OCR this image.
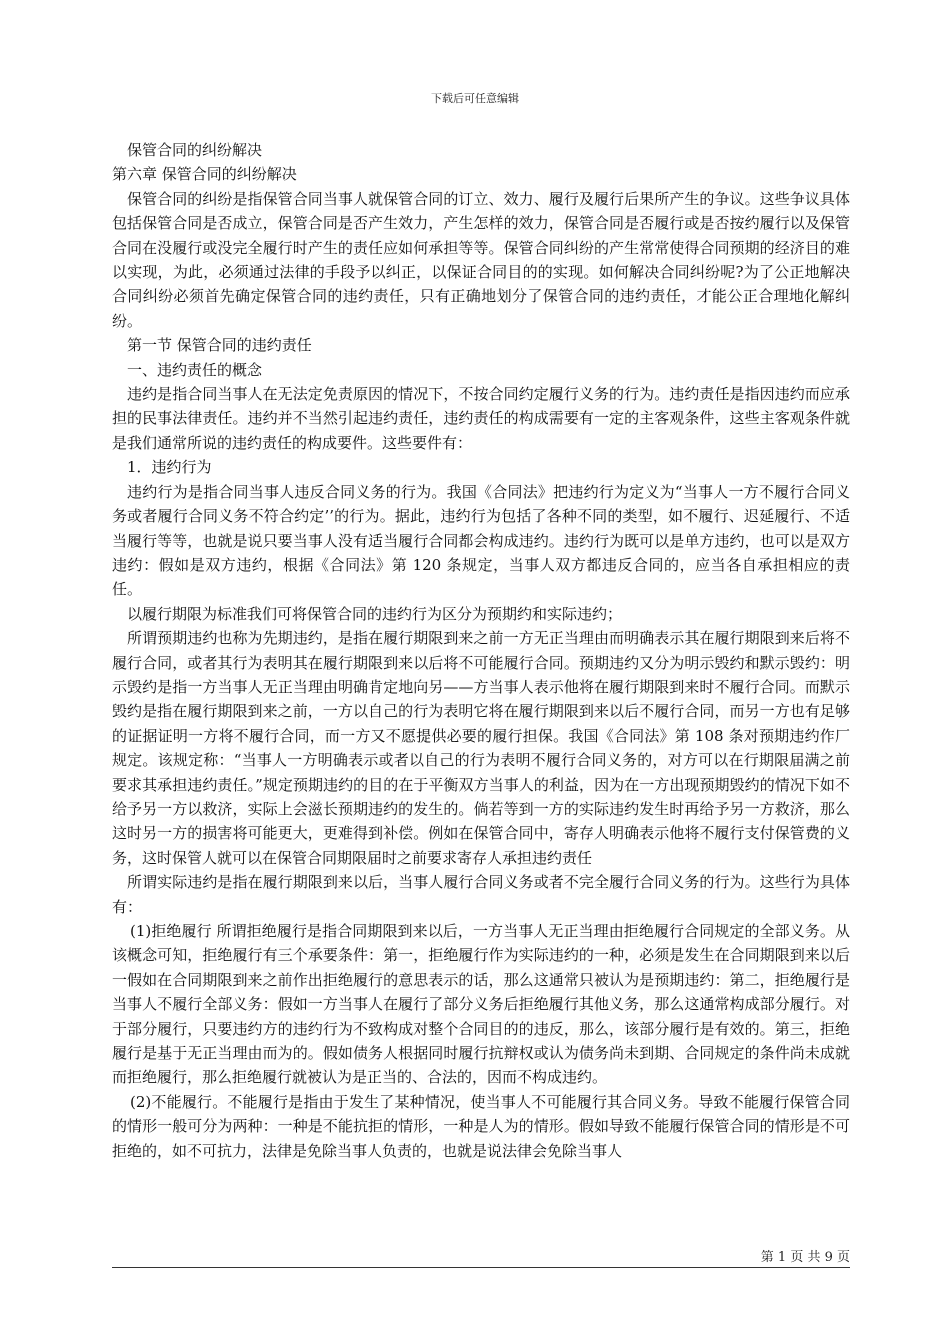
下载后可任意编辑

保管合同的纠纷解决

第六章 保管合同的纠纷解决

保管合同的纠纷是指保管合同当事人就保管合同的订立、效力、履行及履行后果所产生的争议。这些争议具体包括保管合同是否成立，保管合同是否产生效力，产生怎样的效力，保管合同是否履行或是否按约履行以及保管合同在没履行或没完全履行时产生的责任应如何承担等等。保管合同纠纷的产生常常使得合同预期的经济目的难以实现，为此，必须通过法律的手段予以纠正，以保证合同目的的实现。如何解决合同纠纷呢?为了公正地解决合同纠纷必须首先确定保管合同的违约责任，只有正确地划分了保管合同的违约责任，才能公正合理地化解纠纷。

第一节 保管合同的违约责任

一、违约责任的概念

违约是指合同当事人在无法定免责原因的情况下，不按合同约定履行义务的行为。违约责任是指因违约而应承担的民事法律责任。违约并不当然引起违约责任，违约责任的构成需要有一定的主客观条件，这些主客观条件就是我们通常所说的违约责任的构成要件。这些要件有：

1．违约行为

违约行为是指合同当事人违反合同义务的行为。我国《合同法》把违约行为定义为“当事人一方不履行合同义务或者履行合同义务不符合约定’’的行为。据此，违约行为包括了各种不同的类型，如不履行、迟延履行、不适当履行等等，也就是说只要当事人没有适当履行合同都会构成违约。违约行为既可以是单方违约，也可以是双方违约：假如是双方违约，根据《合同法》第 120 条规定，当事人双方都违反合同的，应当各自承担相应的责任。

以履行期限为标准我们可将保管合同的违约行为区分为预期约和实际违约；

所谓预期违约也称为先期违约，是指在履行期限到来之前一方无正当理由而明确表示其在履行期限到来后将不履行合同，或者其行为表明其在履行期限到来以后将不可能履行合同。预期违约又分为明示毁约和默示毁约：明示毁约是指一方当事人无正当理由明确肯定地向另——方当事人表示他将在履行期限到来时不履行合同。而默示毁约是指在履行期限到来之前，一方以自己的行为表明它将在履行期限到来以后不履行合同，而另一方也有足够的证据证明一方将不履行合同，而一方又不愿提供必要的履行担保。我国《合同法》第 108 条对预期违约作厂规定。该规定称：“当事人一方明确表示或者以自己的行为表明不履行合同义务的，对方可以在行期限届满之前要求其承担违约责任。”规定预期违约的目的在于平衡双方当事人的利益，因为在一方出现预期毁约的情况下如不给予另一方以救济，实际上会滋长预期违约的发生的。倘若等到一方的实际违约发生时再给予另一方救济，那么这时另一方的损害将可能更大，更难得到补偿。例如在保管合同中，寄存人明确表示他将不履行支付保管费的义务，这时保管人就可以在保管合同期限届时之前要求寄存人承担违约责任

所谓实际违约是指在履行期限到来以后，当事人履行合同义务或者不完全履行合同义务的行为。这些行为具体有：

(1)拒绝履行 所谓拒绝履行是指合同期限到来以后，一方当事人无正当理由拒绝履行合同规定的全部义务。从该概念可知，拒绝履行有三个承要条件：第一，拒绝履行作为实际违约的一种，必须是发生在合同期限到来以后一假如在合同期限到来之前作出拒绝履行的意思表示的话，那么这通常只被认为是预期违约：第二，拒绝履行是当事人不履行全部义务：假如一方当事人在履行了部分义务后拒绝履行其他义务，那么这通常构成部分履行。对于部分履行，只要违约方的违约行为不致构成对整个合同目的的违反，那么，该部分履行是有效的。第三，拒绝履行是基于无正当理由而为的。假如债务人根据同时履行抗辩权或认为债务尚未到期、合同规定的条件尚未成就而拒绝履行，那么拒绝履行就被认为是正当的、合法的，因而不构成违约。

(2)不能履行。不能履行是指由于发生了某种情况，使当事人不可能履行其合同义务。导致不能履行保管合同的情形一般可分为两种：一种是不能抗拒的情形，一种是人为的情形。假如导致不能履行保管合同的情形是不可拒绝的，如不可抗力，法律是免除当事人负责的，也就是说法律会免除当事人

第 1 页 共 9 页
